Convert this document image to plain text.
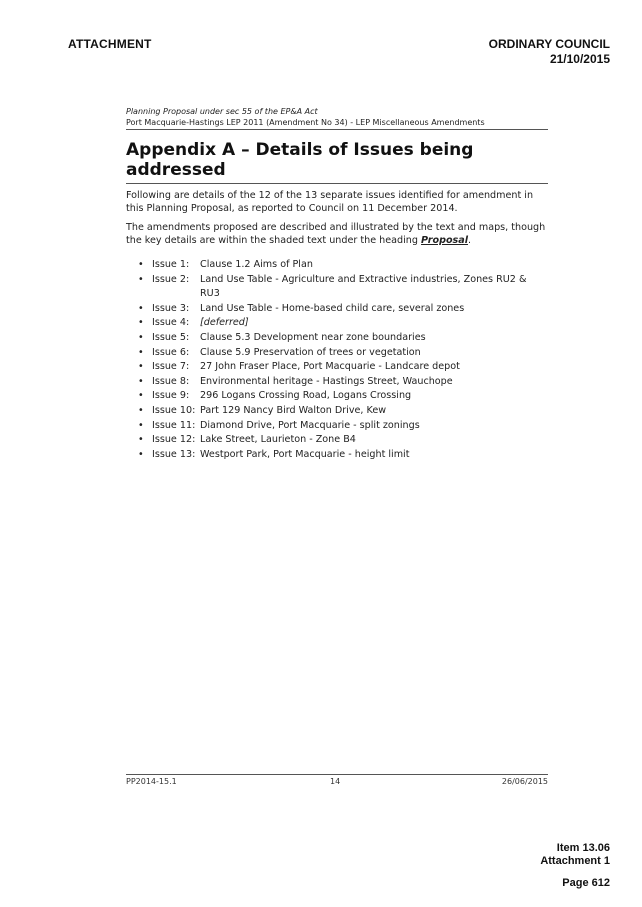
ATTACHMENT	ORDINARY COUNCIL
21/10/2015
Planning Proposal under sec 55 of the EP&A Act
Port Macquarie-Hastings LEP 2011 (Amendment No 34) - LEP Miscellaneous Amendments
Appendix A – Details of Issues being addressed
Following are details of the 12 of the 13 separate issues identified for amendment in this Planning Proposal, as reported to Council on 11 December 2014.
The amendments proposed are described and illustrated by the text and maps, though the key details are within the shaded text under the heading Proposal.
• Issue 1:	Clause 1.2 Aims of Plan
• Issue 2:	Land Use Table - Agriculture and Extractive industries, Zones RU2 & RU3
• Issue 3:	Land Use Table - Home-based child care, several zones
• Issue 4:	[deferred]
• Issue 5:	Clause 5.3 Development near zone boundaries
• Issue 6:	Clause 5.9 Preservation of trees or vegetation
• Issue 7:	27 John Fraser Place, Port Macquarie - Landcare depot
• Issue 8:	Environmental heritage - Hastings Street, Wauchope
• Issue 9:	296 Logans Crossing Road, Logans Crossing
• Issue 10: Part 129 Nancy Bird Walton Drive, Kew
• Issue 11: Diamond Drive, Port Macquarie - split zonings
• Issue 12: Lake Street, Laurieton - Zone B4
• Issue 13: Westport Park, Port Macquarie - height limit
PP2014-15.1	14	26/06/2015
Item 13.06
Attachment 1
Page 612
